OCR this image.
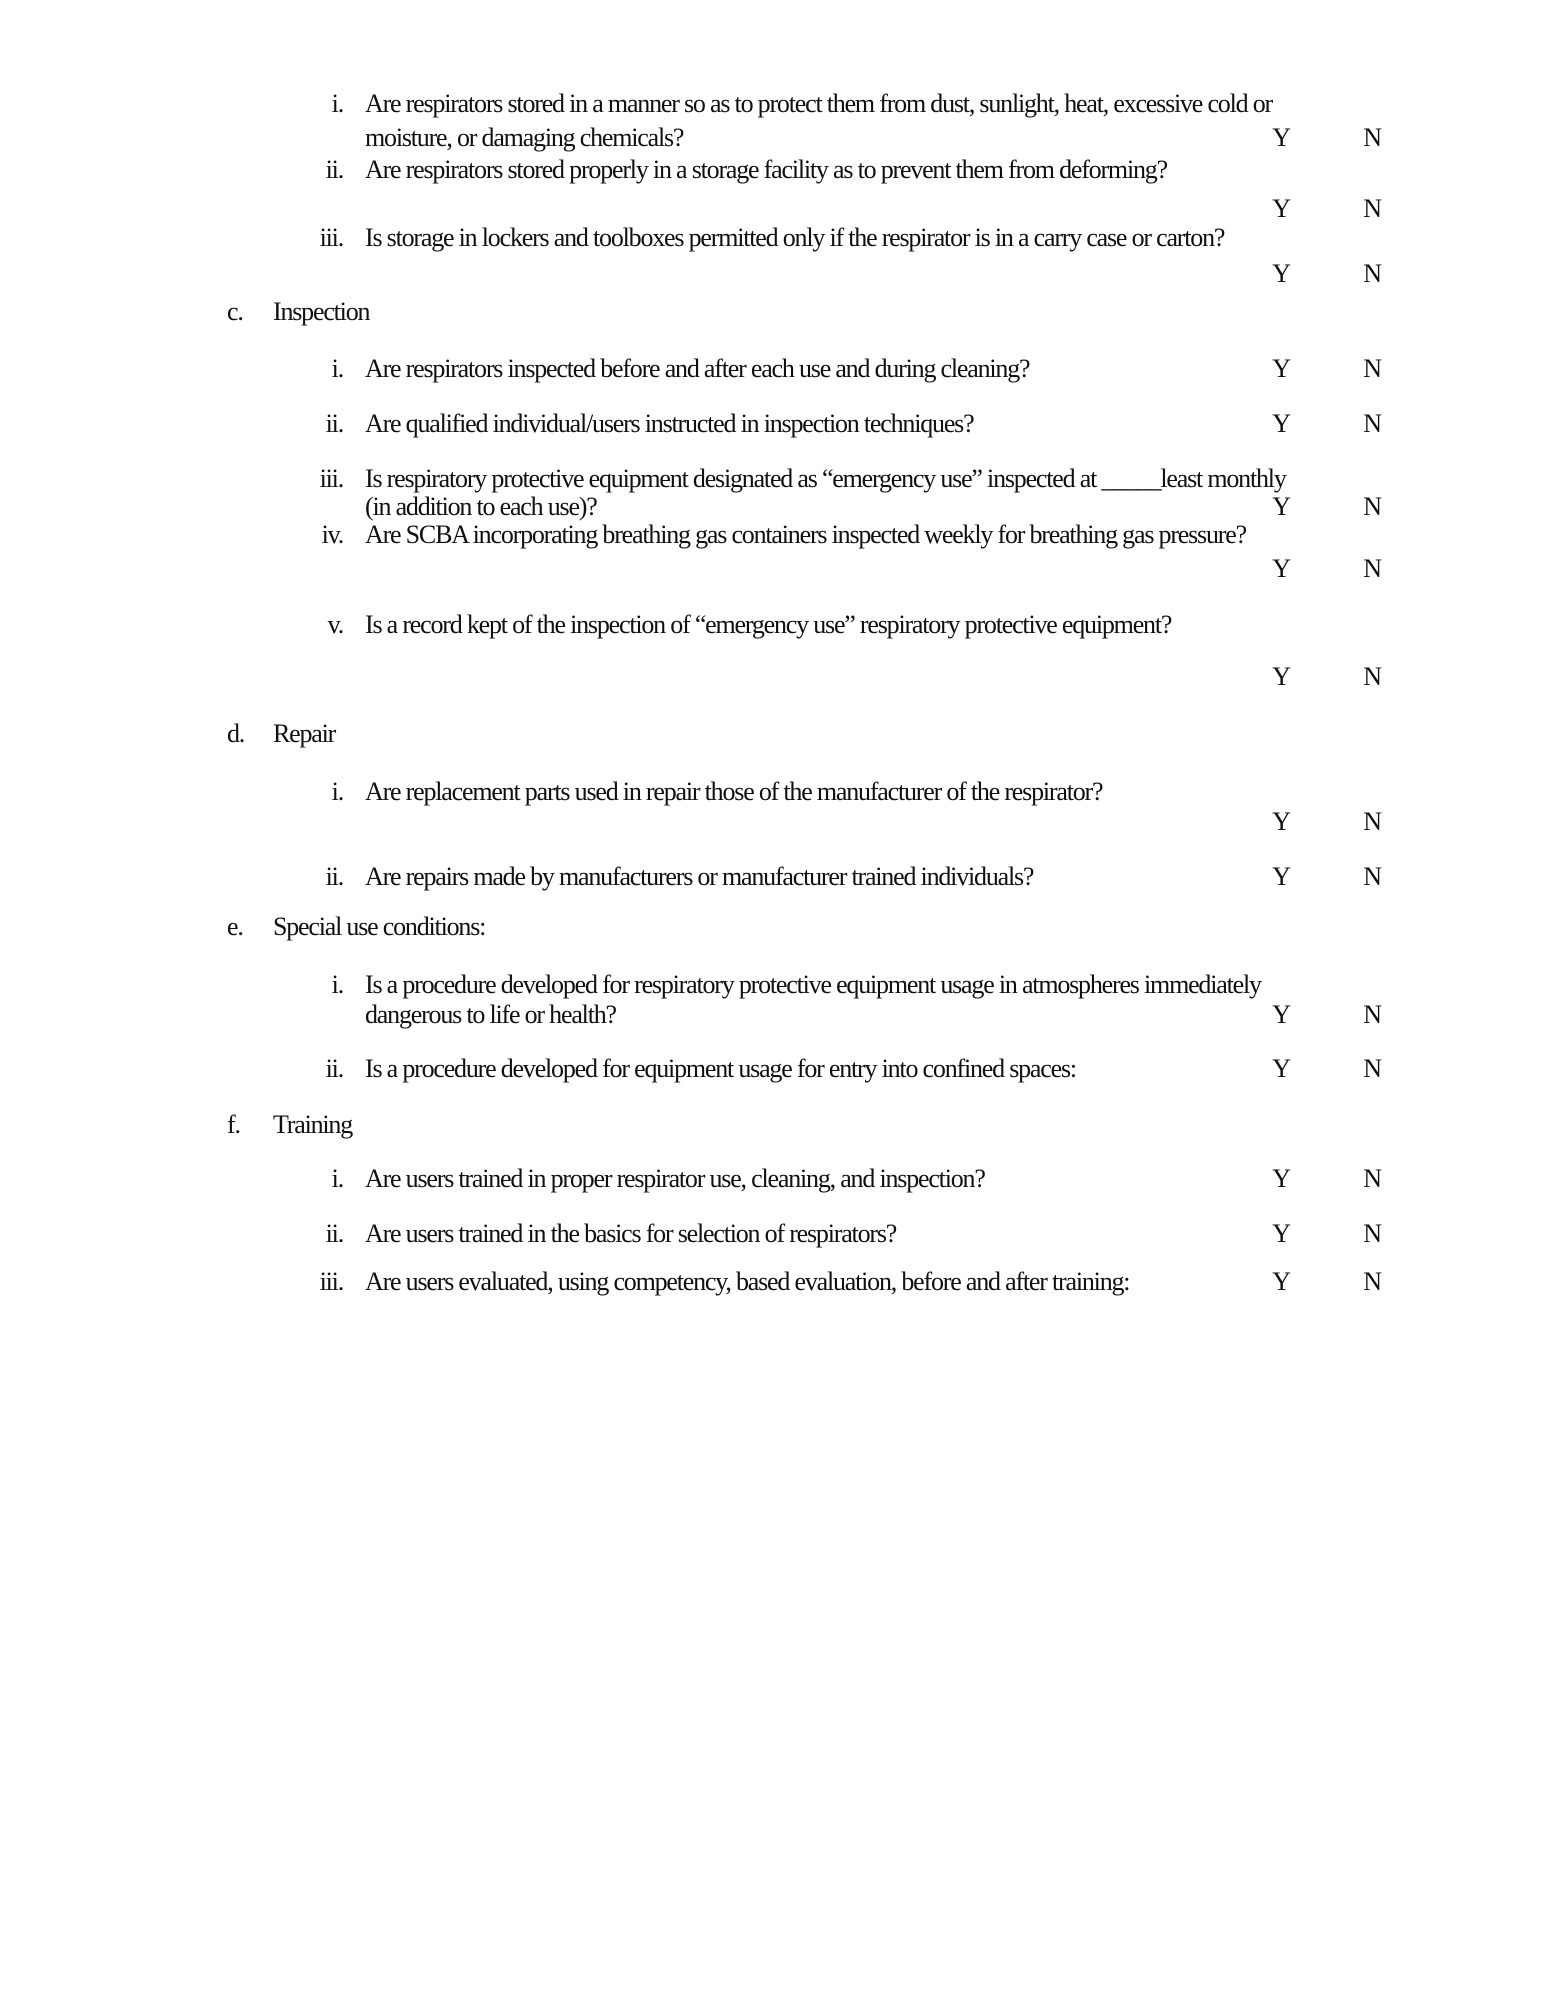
i. Are respirators stored in a manner so as to protect them from dust, sunlight, heat, excessive cold or
moisture, or damaging chemicals?	Y	N
ii. Are respirators stored properly in a storage facility as to prevent them from deforming?
Y	N
iii. Is storage in lockers and toolboxes permitted only if the respirator is in a carry case or carton?
Y	N
c. Inspection
i. Are respirators inspected before and after each use and during cleaning?	Y	N
ii. Are qualified individual/users instructed in inspection techniques?	Y	N
iii. Is respiratory protective equipment designated as “emergency use” inspected at _____least monthly
(in addition to each use)?	Y	N
iv. Are SCBA incorporating breathing gas containers inspected weekly for breathing gas pressure?
Y	N
v. Is a record kept of the inspection of “emergency use” respiratory protective equipment?
Y	N
d. Repair
i. Are replacement parts used in repair those of the manufacturer of the respirator?
Y	N
ii. Are repairs made by manufacturers or manufacturer trained individuals?	Y	N
e. Special use conditions:
i. Is a procedure developed for respiratory protective equipment usage in atmospheres immediately
dangerous to life or health?	Y	N
ii. Is a procedure developed for equipment usage for entry into confined spaces:	Y	N
f. Training
i. Are users trained in proper respirator use, cleaning, and inspection?	Y	N
ii. Are users trained in the basics for selection of respirators?	Y	N
iii. Are users evaluated, using competency, based evaluation, before and after training:	Y	N
